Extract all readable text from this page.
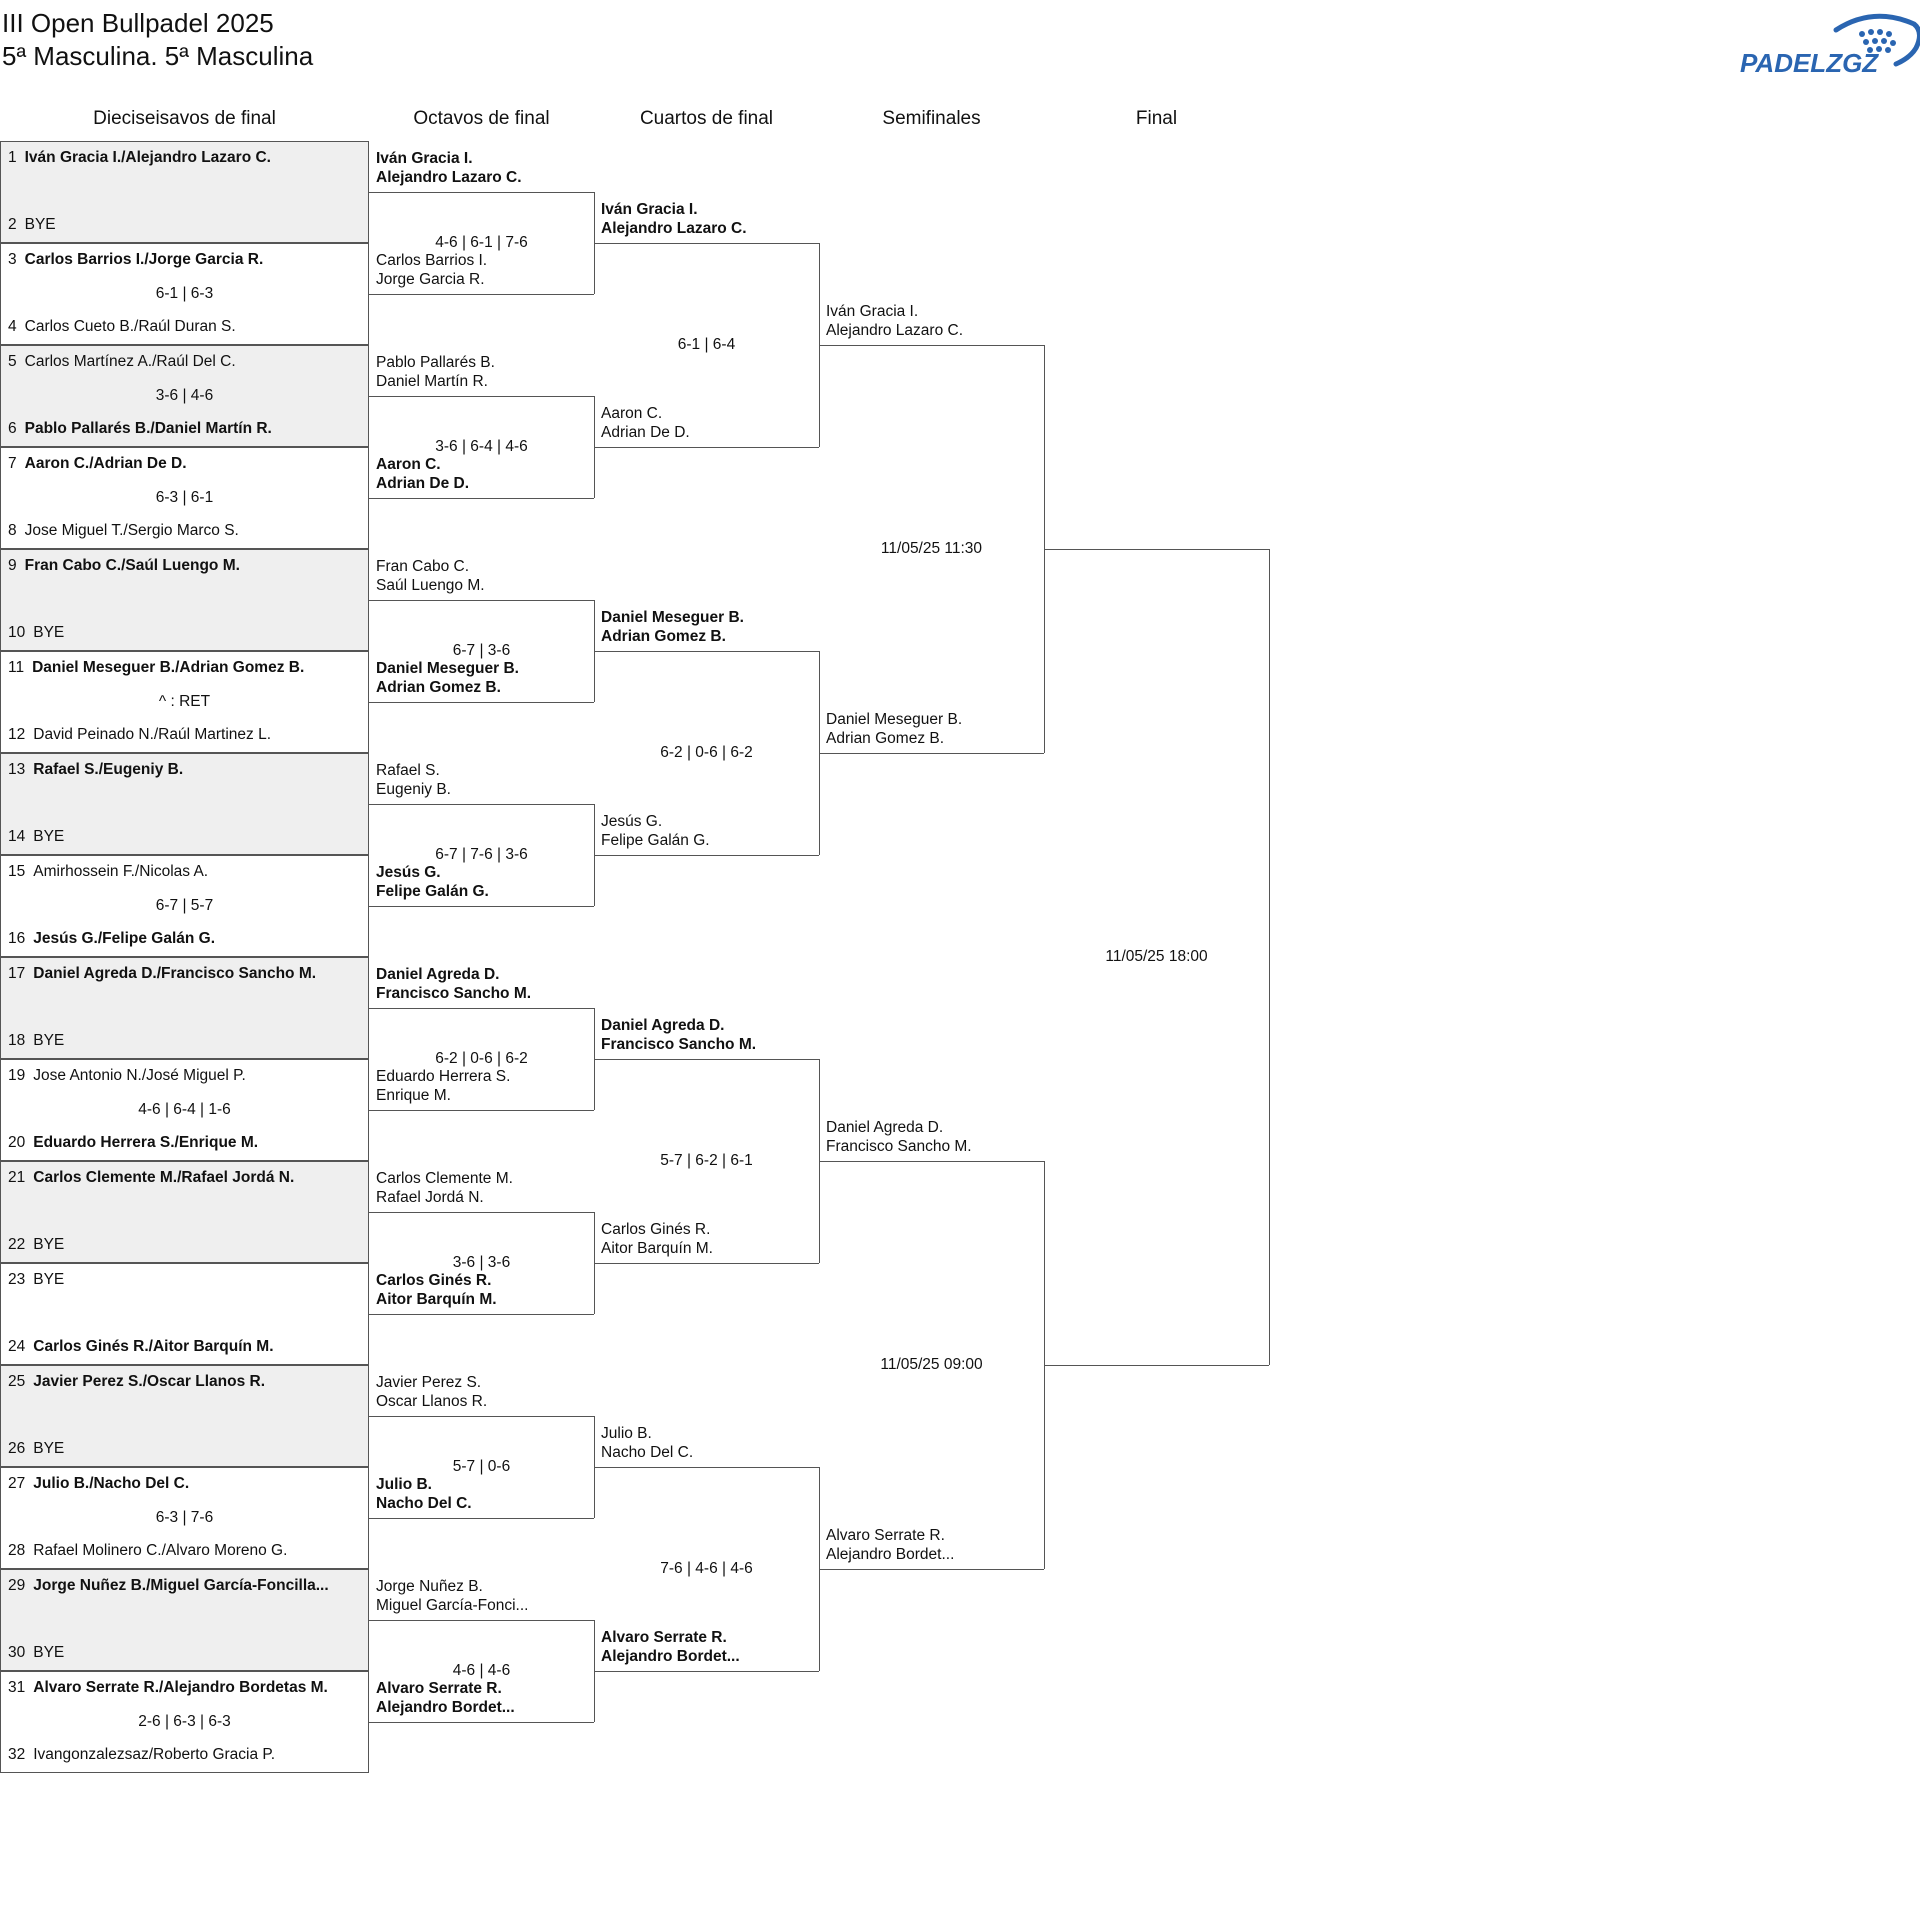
III Open Bullpadel 2025
5ª Masculina. 5ª Masculina	PADELZGZ
Dieciseisavos de final	Octavos de final	Cuartos de final	Semifinales	Final
1 Iván Gracia I./Alejandro Lazaro C.
2 BYE
3 Carlos Barrios I./Jorge Garcia R.
4 Carlos Cueto B./Raúl Duran S.
6-1 | 6-3
5 Carlos Martínez A./Raúl Del C.
6 Pablo Pallarés B./Daniel Martín R.
3-6 | 4-6
7 Aaron C./Adrian De D.
8 Jose Miguel T./Sergio Marco S.
6-3 | 6-1
9 Fran Cabo C./Saúl Luengo M.
10 BYE
11 Daniel Meseguer B./Adrian Gomez B.
12 David Peinado N./Raúl Martinez L.
^ : RET
13 Rafael S./Eugeniy B.
14 BYE
15 Amirhossein F./Nicolas A.
16 Jesús G./Felipe Galán G.
6-7 | 5-7
17 Daniel Agreda D./Francisco Sancho M.
18 BYE
19 Jose Antonio N./José Miguel P.
20 Eduardo Herrera S./Enrique M.
4-6 | 6-4 | 1-6
21 Carlos Clemente M./Rafael Jordá N.
22 BYE
23 BYE
24 Carlos Ginés R./Aitor Barquín M.
25 Javier Perez S./Oscar Llanos R.
26 BYE
27 Julio B./Nacho Del C.
28 Rafael Molinero C./Alvaro Moreno G.
6-3 | 7-6
29 Jorge Nuñez B./Miguel García-Foncilla...
30 BYE
31 Alvaro Serrate R./Alejandro Bordetas M.
32 Ivangonzalezsaz/Roberto Gracia P.
2-6 | 6-3 | 6-3
Iván Gracia I.
Alejandro Lazaro C.
Carlos Barrios I.
Jorge Garcia R.
4-6 | 6-1 | 7-6
Pablo Pallarés B.
Daniel Martín R.
Aaron C.
Adrian De D.
3-6 | 6-4 | 4-6
Fran Cabo C.
Saúl Luengo M.
Daniel Meseguer B.
Adrian Gomez B.
6-7 | 3-6
Rafael S.
Eugeniy B.
Jesús G.
Felipe Galán G.
6-7 | 7-6 | 3-6
Daniel Agreda D.
Francisco Sancho M.
Eduardo Herrera S.
Enrique M.
6-2 | 0-6 | 6-2
Carlos Clemente M.
Rafael Jordá N.
Carlos Ginés R.
Aitor Barquín M.
3-6 | 3-6
Javier Perez S.
Oscar Llanos R.
Julio B.
Nacho Del C.
5-7 | 0-6
Jorge Nuñez B.
Miguel García-Fonci...
Alvaro Serrate R.
Alejandro Bordet...
4-6 | 4-6
Iván Gracia I.
Alejandro Lazaro C.
Aaron C.
Adrian De D.
6-1 | 6-4
Daniel Meseguer B.
Adrian Gomez B.
Jesús G.
Felipe Galán G.
6-2 | 0-6 | 6-2
Daniel Agreda D.
Francisco Sancho M.
Carlos Ginés R.
Aitor Barquín M.
5-7 | 6-2 | 6-1
Julio B.
Nacho Del C.
Alvaro Serrate R.
Alejandro Bordet...
7-6 | 4-6 | 4-6
Iván Gracia I.
Alejandro Lazaro C.
Daniel Meseguer B.
Adrian Gomez B.
11/05/25 11:30
Daniel Agreda D.
Francisco Sancho M.
Alvaro Serrate R.
Alejandro Bordet...
11/05/25 09:00
11/05/25 18:00
